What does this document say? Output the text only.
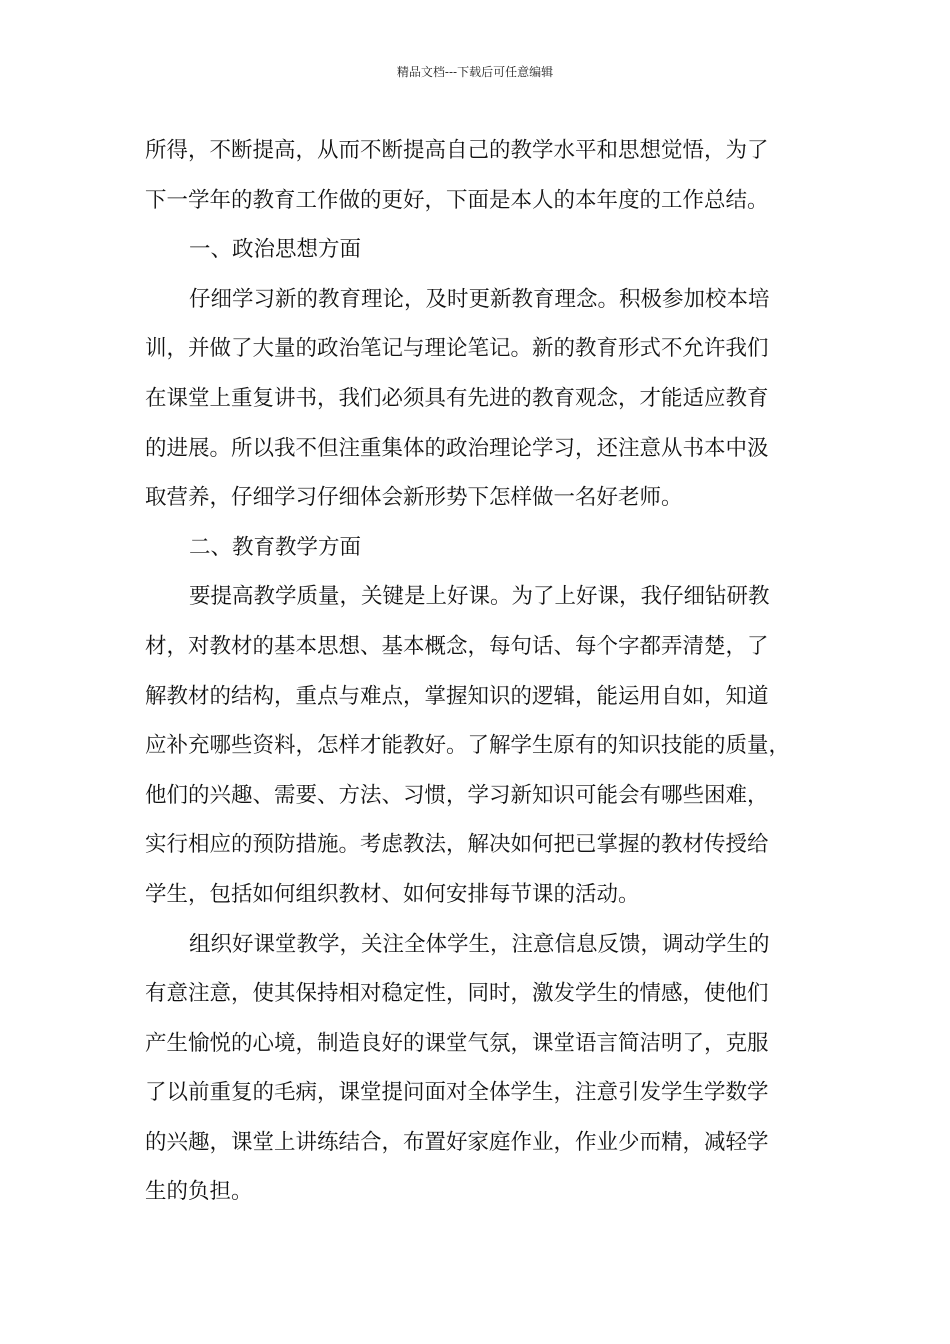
精品文档---下载后可任意编辑
所得，不断提高，从而不断提高自己的教学水平和思想觉悟，为了
下一学年的教育工作做的更好，下面是本人的本年度的工作总结。
一、政治思想方面
仔细学习新的教育理论，及时更新教育理念。积极参加校本培
训，并做了大量的政治笔记与理论笔记。新的教育形式不允许我们
在课堂上重复讲书，我们必须具有先进的教育观念，才能适应教育
的进展。所以我不但注重集体的政治理论学习，还注意从书本中汲
取营养，仔细学习仔细体会新形势下怎样做一名好老师。
二、教育教学方面
要提高教学质量，关键是上好课。为了上好课，我仔细钻研教
材，对教材的基本思想、基本概念，每句话、每个字都弄清楚，了
解教材的结构，重点与难点，掌握知识的逻辑，能运用自如，知道
应补充哪些资料，怎样才能教好。了解学生原有的知识技能的质量，
他们的兴趣、需要、方法、习惯，学习新知识可能会有哪些困难，
实行相应的预防措施。考虑教法，解决如何把已掌握的教材传授给
学生，包括如何组织教材、如何安排每节课的活动。
组织好课堂教学，关注全体学生，注意信息反馈，调动学生的
有意注意，使其保持相对稳定性，同时，激发学生的情感，使他们
产生愉悦的心境，制造良好的课堂气氛，课堂语言简洁明了，克服
了以前重复的毛病，课堂提问面对全体学生，注意引发学生学数学
的兴趣，课堂上讲练结合，布置好家庭作业，作业少而精，减轻学
生的负担。
